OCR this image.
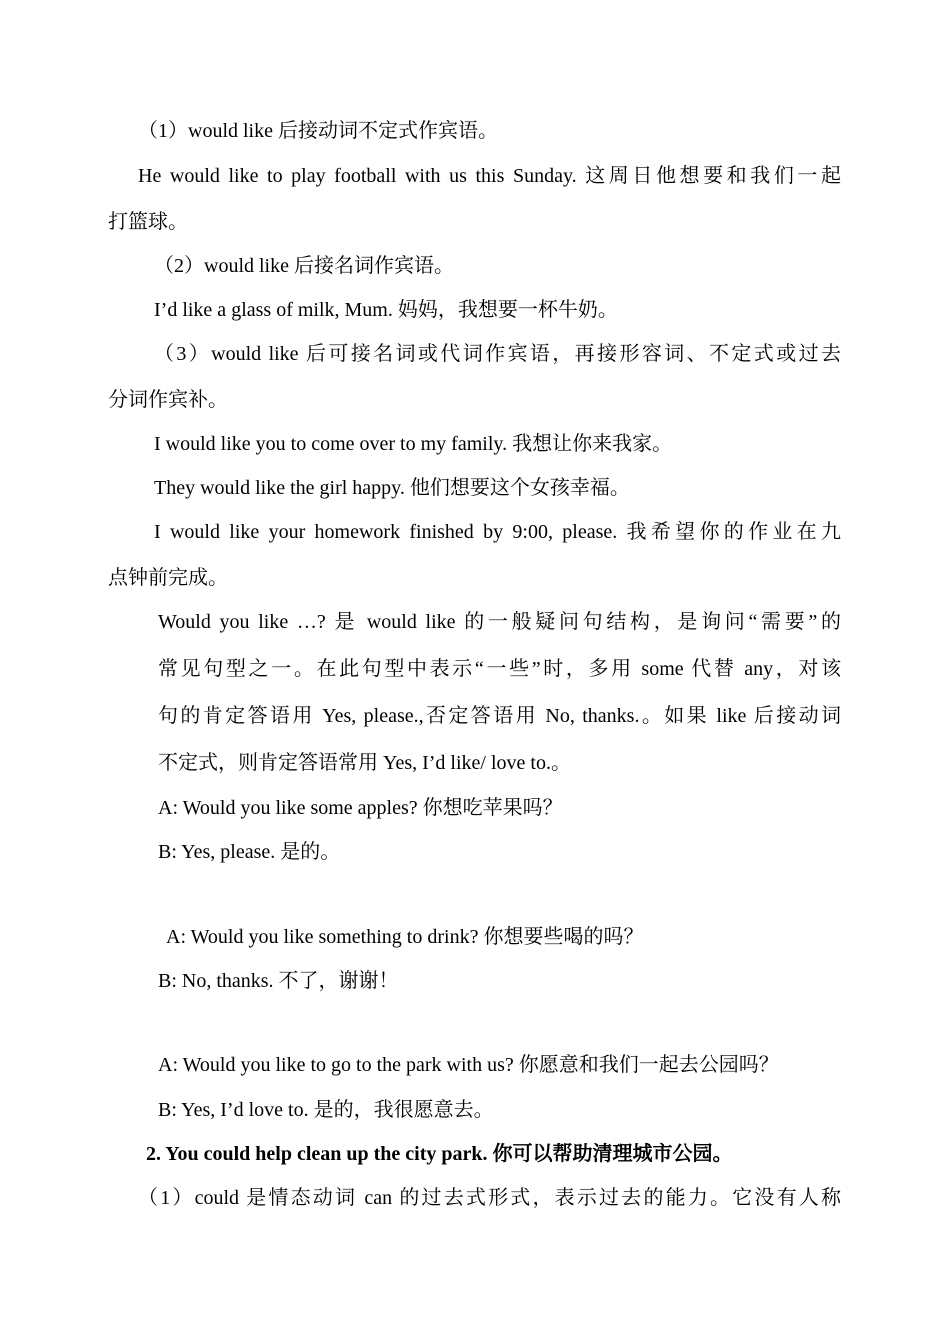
（1）would like 后接动词不定式作宾语。
He would like to play football with us this Sunday. 这周日他想要和我们一起
打篮球。
（2）would like 后接名词作宾语。
I’d like a glass of milk, Mum. 妈妈，我想要一杯牛奶。
（3）would like 后可接名词或代词作宾语，再接形容词、不定式或过去
分词作宾补。
I would like you to come over to my family. 我想让你来我家。
They would like the girl happy. 他们想要这个女孩幸福。
I would like your homework finished by 9:00, please. 我希望你的作业在九
点钟前完成。
Would you like …? 是 would like 的一般疑问句结构，是询问“需要”的
常见句型之一。在此句型中表示“一些”时，多用 some 代替 any，对该
句的肯定答语用 Yes, please.,否定答语用 No, thanks.。如果 like 后接动词
不定式，则肯定答语常用 Yes, I’d like/ love to.。
A: Would you like some apples? 你想吃苹果吗？
B: Yes, please. 是的。
A: Would you like something to drink? 你想要些喝的吗？
B: No, thanks. 不了，谢谢！
A: Would you like to go to the park with us? 你愿意和我们一起去公园吗？
B: Yes, I’d love to. 是的，我很愿意去。
2. You could help clean up the city park. 你可以帮助清理城市公园。
（1）could 是情态动词 can 的过去式形式，表示过去的能力。它没有人称
